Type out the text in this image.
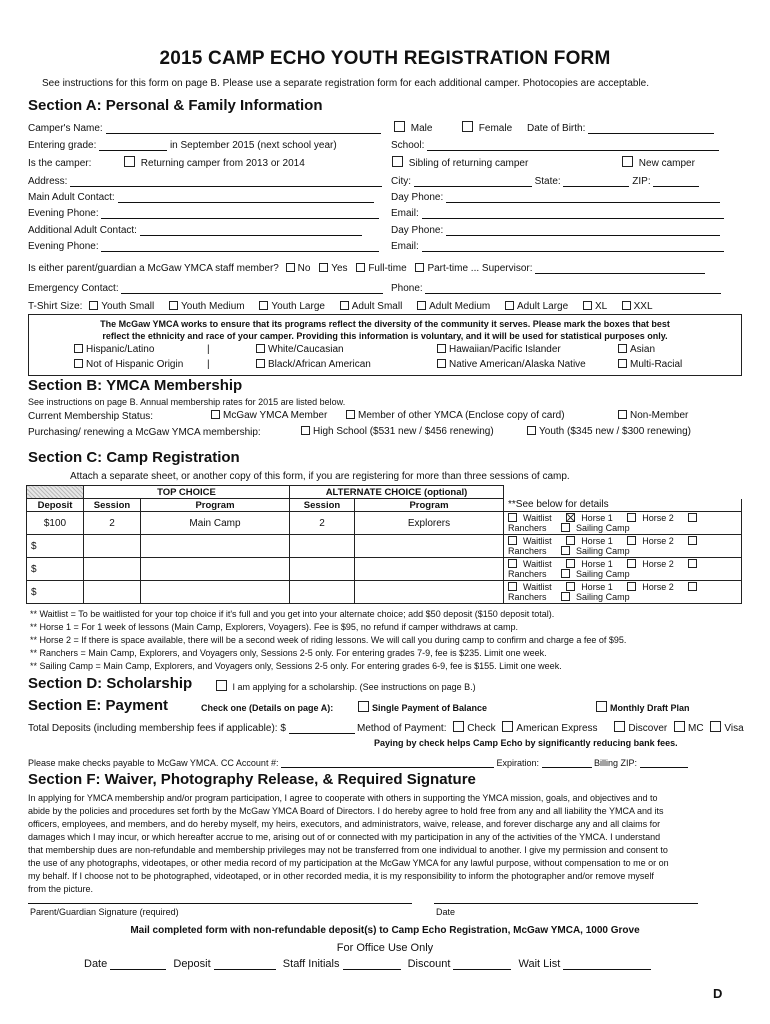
2015 CAMP ECHO YOUTH REGISTRATION FORM
See instructions for this form on page B. Please use a separate registration form for each additional camper. Photocopies are acceptable.
Section A: Personal & Family Information
Camper's Name:	Male	Female Date of Birth:
Entering grade:	in September 2015 (next school year)	School:
Is the camper:	Returning camper from 2013 or 2014	Sibling of returning camper	New camper
Address:	City:	State:	ZIP:
Main Adult Contact:	Day Phone:
Evening Phone:	Email:
Additional Adult Contact:	Day Phone:
Evening Phone:	Email:
Is either parent/guardian a McGaw YMCA staff member? No Yes Full-time Part-time ... Supervisor:
Emergency Contact:	Phone:
T-Shirt Size: Youth Small	Youth Medium	Youth Large	Adult Small	Adult Medium	Adult Large	XL	XXL
The McGaw YMCA works to ensure that its programs reflect the diversity of the community it serves. Please mark the boxes that best
reflect the ethnicity and race of your camper. Providing this information is voluntary, and it will be used for statistical purposes only.
Hispanic/Latino	|	White/Caucasian	Hawaiian/Pacific Islander	Asian
Not of Hispanic Origin |	Black/African American	Native American/Alaska Native	Multi-Racial
Section B: YMCA Membership
See instructions on page B. Annual membership rates for 2015 are listed below.
Current Membership Status:	McGaw YMCA Member	Member of other YMCA (Enclose copy of card)	Non-Member
Purchasing/ renewing a McGaw YMCA membership:	High School ($531 new / $456 renewing)	Youth ($345 new / $300 renewing)
Section C: Camp Registration
Attach a separate sheet, or another copy of this form, if you are registering for more than three sessions of camp.
	TOP CHOICE		ALTERNATE CHOICE (optional)		
Deposit	Session	Program	Session	Program	**See below for details
$100	2	Main Camp	2	Explorers	Waitlist Horse 1 Horse 2 Ranchers Sailing Camp
$					Waitlist Horse 1 Horse 2 Ranchers Sailing Camp
$					Waitlist Horse 1 Horse 2 Ranchers Sailing Camp
$					Waitlist Horse 1 Horse 2 Ranchers Sailing Camp
** Waitlist = To be waitlisted for your top choice if it's full and you get into your alternate choice; add $50 deposit ($150 deposit total).
** Horse 1 = For 1 week of lessons (Main Camp, Explorers, Voyagers). Fee is $95, no refund if camper withdraws at camp.
** Horse 2 = If there is space available, there will be a second week of riding lessons. We will call you during camp to confirm and charge a fee of $95.
** Ranchers = Main Camp, Explorers, and Voyagers only, Sessions 2-5 only. For entering grades 7-9, fee is $235. Limit one week.
** Sailing Camp = Main Camp, Explorers, and Voyagers only, Sessions 2-5 only. For entering grades 6-9, fee is $155. Limit one week.
Section D: Scholarship	I am applying for a scholarship. (See instructions on page B.)
Section E: Payment	Check one (Details on page A):	Single Payment of Balance	Monthly Draft Plan
Total Deposits (including membership fees if applicable): $	Method of Payment: Check American Express	Discover MC Visa
Paying by check helps Camp Echo by significantly reducing bank fees.
Please make checks payable to McGaw YMCA. CC Account #:	Expiration:	Billing ZIP:
Section F: Waiver, Photography Release, & Required Signature
In applying for YMCA membership and/or program participation, I agree to cooperate with others in supporting the YMCA mission, goals, and objectives and to
abide by the policies and procedures set forth by the McGaw YMCA Board of Directors. I do hereby agree to hold free from any and all liability the YMCA and its
officers, employees, and members, and do hereby myself, my heirs, executors, and administrators, waive, release, and forever discharge any and all claims for
damages which I may incur, or which hereafter accrue to me, arising out of or connected with my participation in any of the activities of the YMCA. I understand
that membership dues are non-refundable and membership privileges may not be transferred from one individual to another. I give my permission and consent to
the use of any photographs, videotapes, or other media record of my participation at the McGaw YMCA for any lawful purpose, without compensation to me or on
my behalf. If I choose not to be photographed, videotaped, or in other recorded media, it is my responsibility to inform the photographer and/or remove myself
from the picture.
Parent/Guardian Signature (required)	Date
Mail completed form with non-refundable deposit(s) to Camp Echo Registration, McGaw YMCA, 1000 Grove
For Office Use Only
Date	Deposit	Staff Initials	Discount	Wait List
D
